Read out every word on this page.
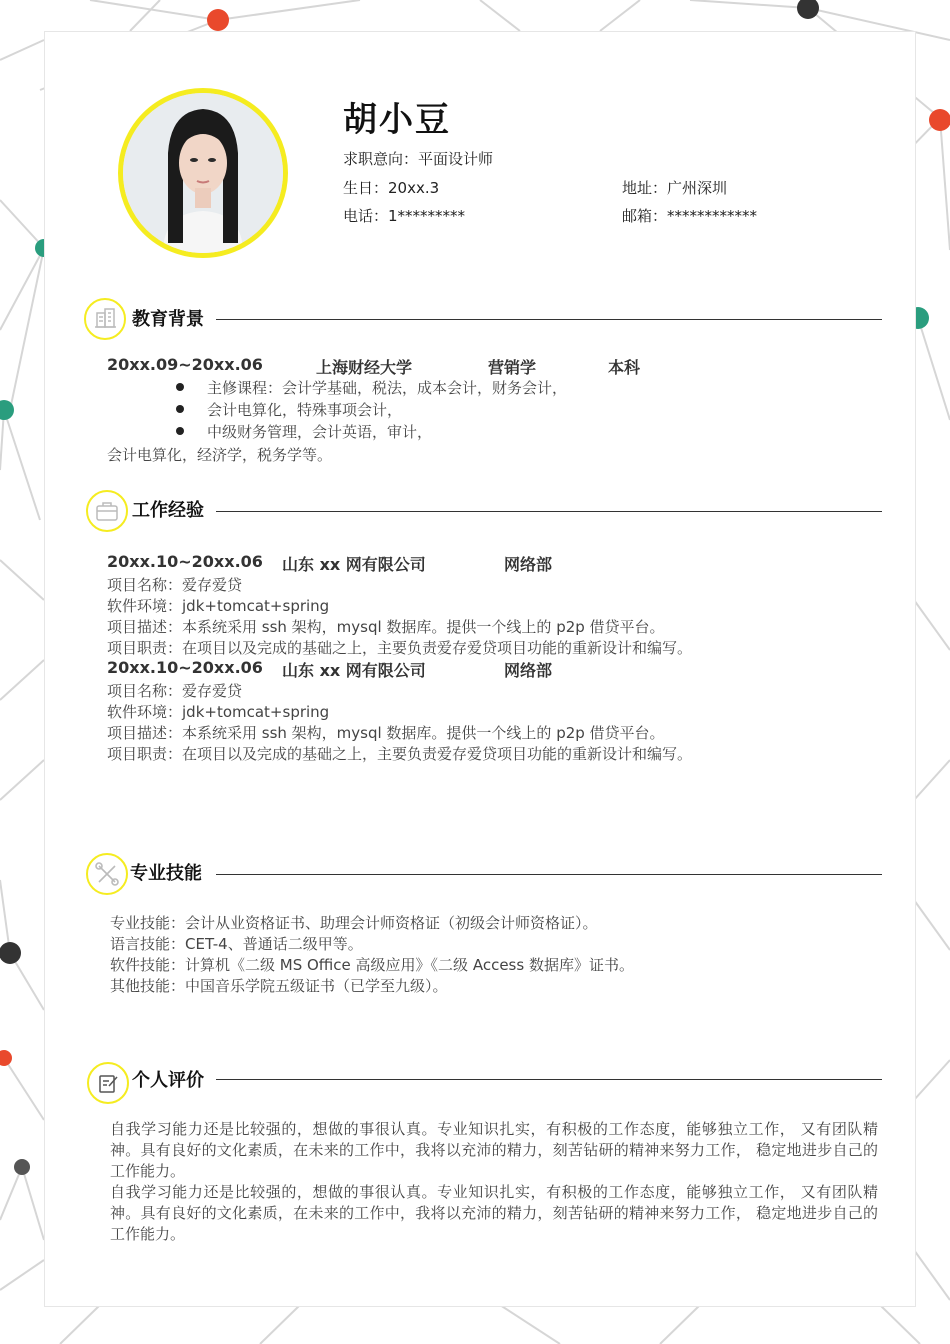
胡小豆
求职意向：平面设计师
生日：20xx.3	地址：广州深圳
电话：1*********	邮箱：************
教育背景
20xx.09~20xx.06	上海财经大学	营销学	本科
主修课程：会计学基础，税法，成本会计，财务会计，
会计电算化，特殊事项会计，
中级财务管理，会计英语，审计，
会计电算化，经济学，税务学等。
工作经验
20xx.10~20xx.06 山东 xx 网有限公司	网络部
项目名称：爱存爱贷
软件环境：jdk+tomcat+spring
项目描述：本系统采用 ssh 架构，mysql 数据库。提供一个线上的 p2p 借贷平台。
项目职责：在项目以及完成的基础之上，主要负责爱存爱贷项目功能的重新设计和编写。
20xx.10~20xx.06 山东 xx 网有限公司	网络部
项目名称：爱存爱贷
软件环境：jdk+tomcat+spring
项目描述：本系统采用 ssh 架构，mysql 数据库。提供一个线上的 p2p 借贷平台。
项目职责：在项目以及完成的基础之上，主要负责爱存爱贷项目功能的重新设计和编写。
专业技能
专业技能：会计从业资格证书、助理会计师资格证（初级会计师资格证）。
语言技能：CET-4、普通话二级甲等。
软件技能：计算机《二级 MS Office 高级应用》《二级 Access 数据库》证书。
其他技能：中国音乐学院五级证书（已学至九级）。
个人评价
自我学习能力还是比较强的，想做的事很认真。专业知识扎实，有积极的工作态度，能够独立工作， 又有团队精神。具有良好的文化素质，在未来的工作中，我将以充沛的精力，刻苦钻研的精神来努力工作， 稳定地进步自己的工作能力。
自我学习能力还是比较强的，想做的事很认真。专业知识扎实，有积极的工作态度，能够独立工作， 又有团队精神。具有良好的文化素质，在未来的工作中，我将以充沛的精力，刻苦钻研的精神来努力工作， 稳定地进步自己的工作能力。
